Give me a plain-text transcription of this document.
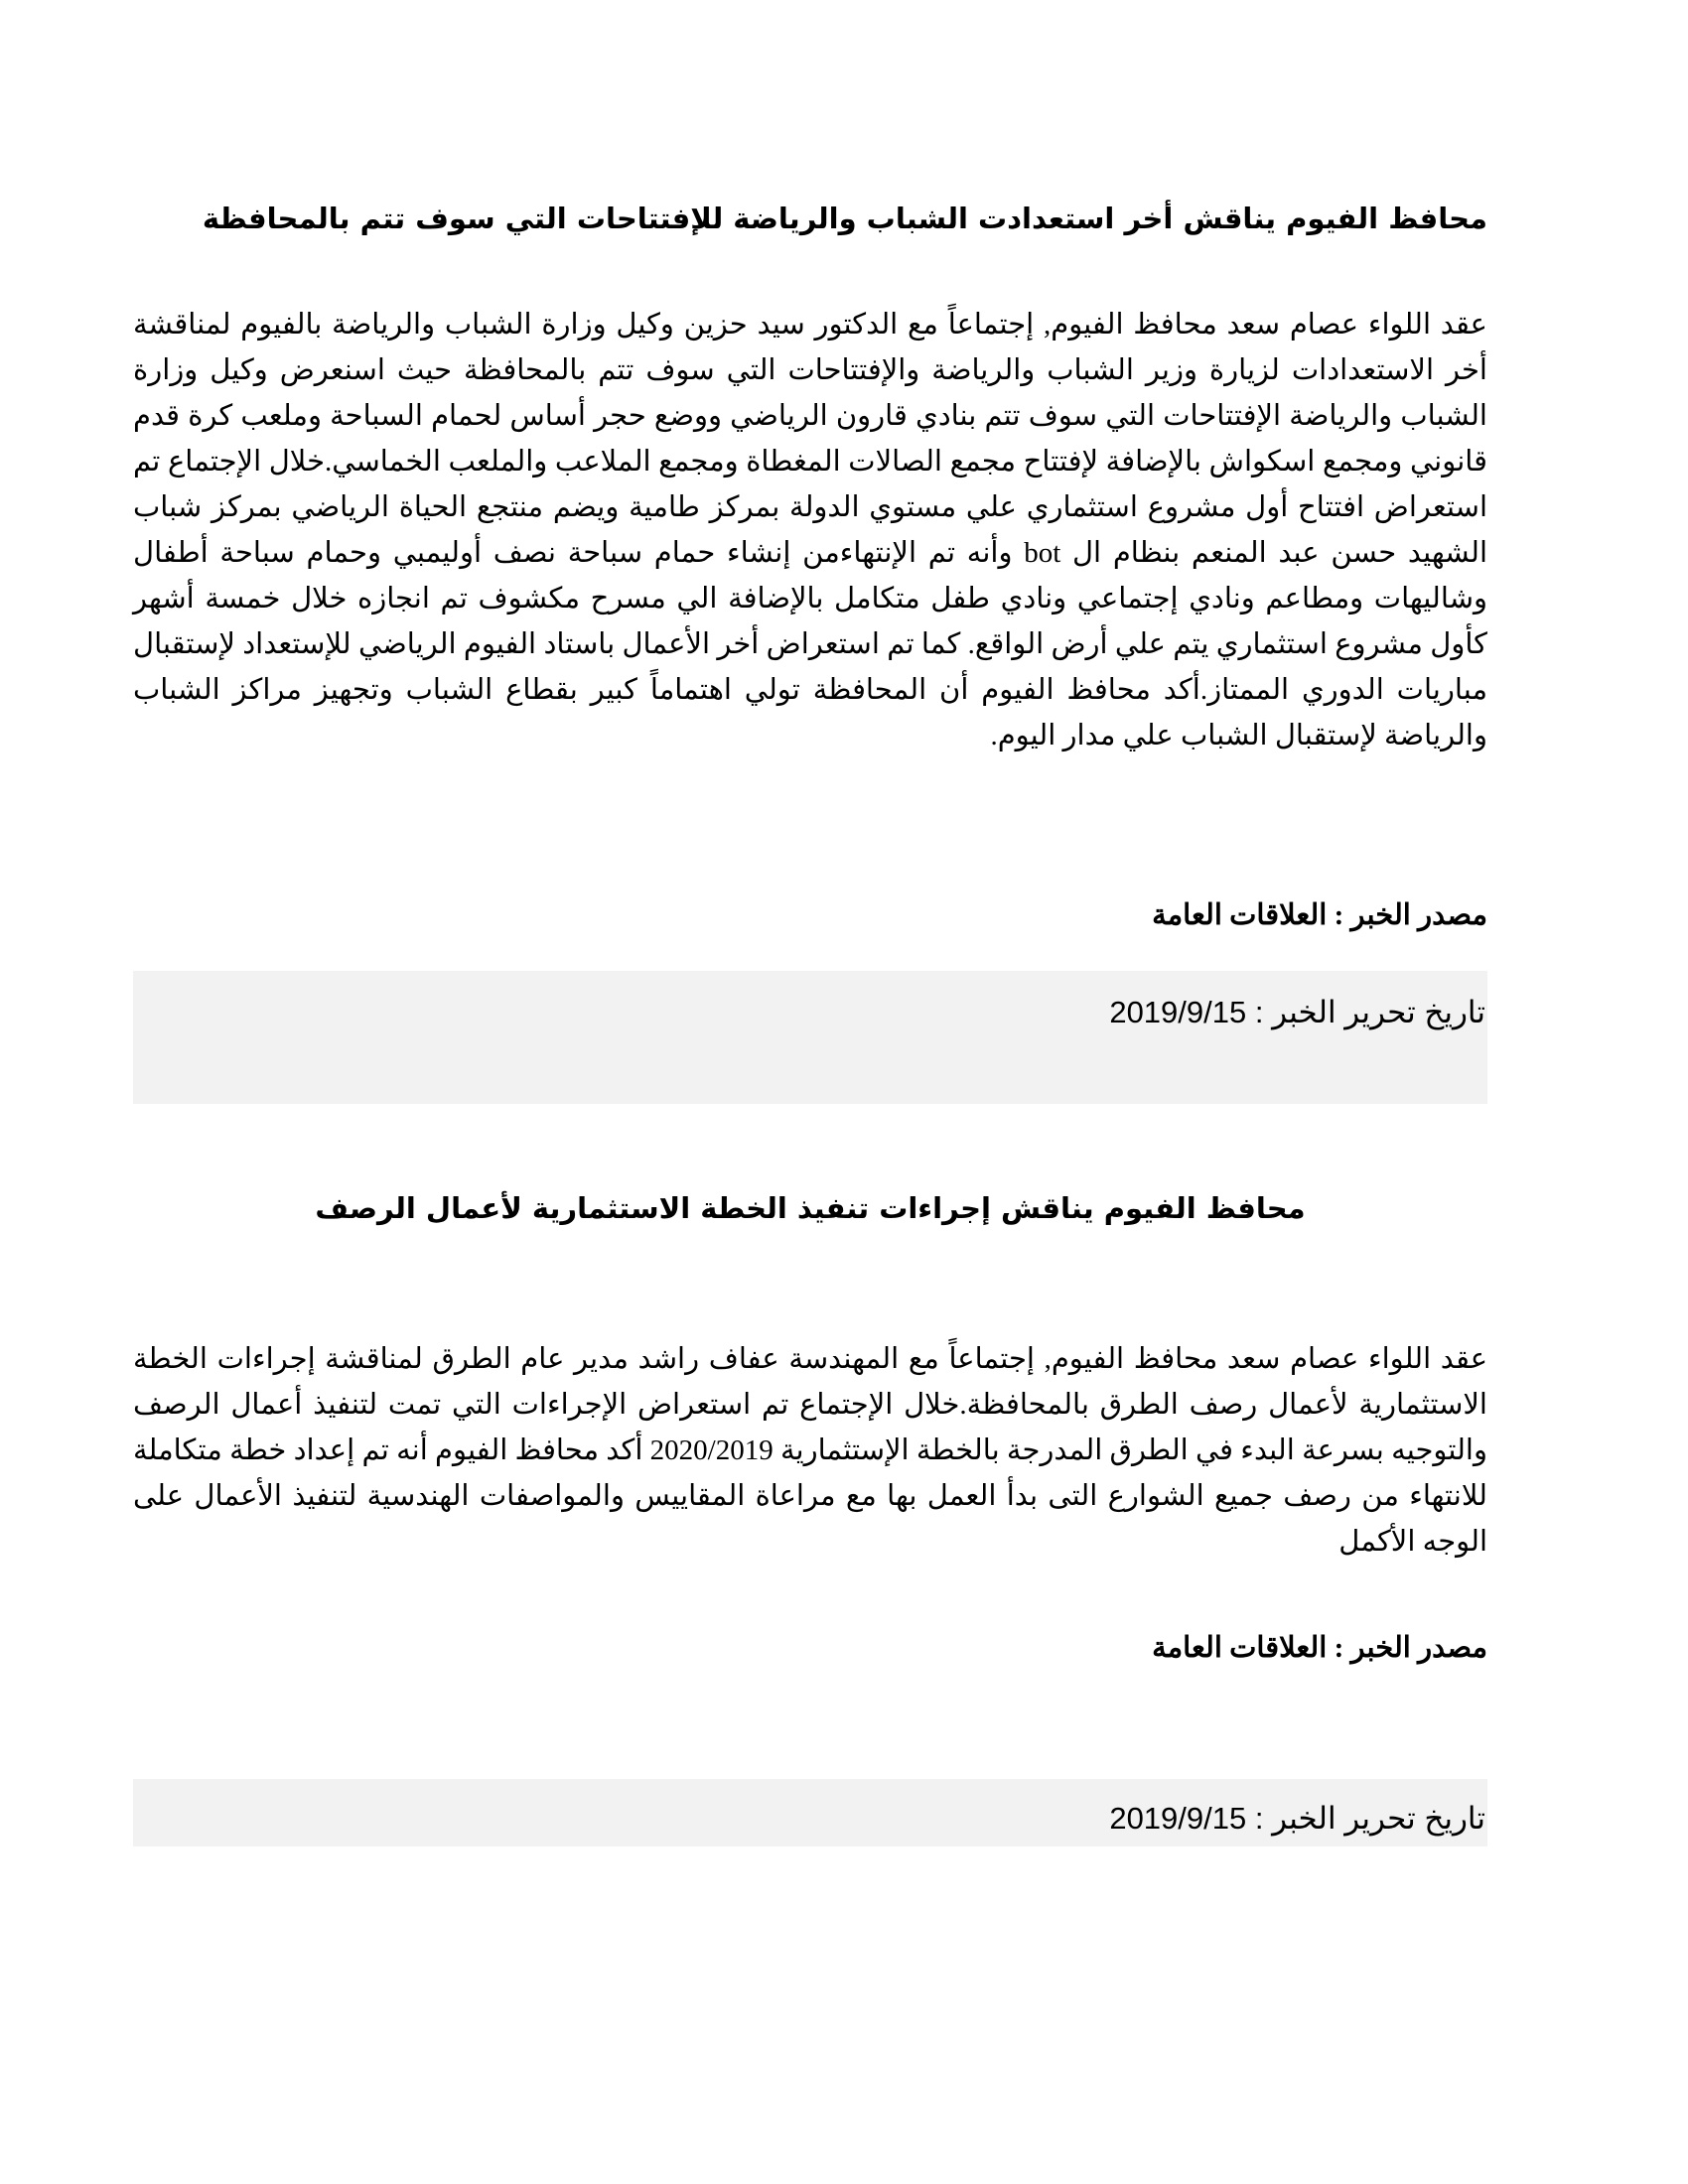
محافظ الفيوم يناقش أخر استعدادت الشباب والرياضة للإفتتاحات التي سوف تتم بالمحافظة
عقد اللواء عصام سعد محافظ الفيوم, إجتماعاً مع الدكتور سيد حزين وكيل وزارة الشباب والرياضة بالفيوم لمناقشة أخر الاستعدادات لزيارة وزير الشباب والرياضة والإفتتاحات التي سوف تتم بالمحافظة حيث اسنعرض وكيل وزارة الشباب والرياضة الإفتتاحات التي سوف تتم بنادي قارون الرياضي ووضع حجر أساس لحمام السباحة وملعب كرة قدم قانوني ومجمع اسكواش بالإضافة لإفتتاح مجمع الصالات المغطاة ومجمع الملاعب والملعب الخماسي.خلال الإجتماع تم استعراض افتتاح أول مشروع استثماري علي مستوي الدولة بمركز طامية ويضم منتجع الحياة الرياضي بمركز شباب الشهيد حسن عبد المنعم بنظام ال bot وأنه تم الإنتهاءمن إنشاء حمام سباحة نصف أوليمبي وحمام سباحة أطفال وشاليهات ومطاعم ونادي إجتماعي ونادي طفل متكامل بالإضافة الي مسرح مكشوف تم انجازه خلال خمسة أشهر كأول مشروع استثماري يتم علي أرض الواقع. كما تم استعراض أخر الأعمال باستاد الفيوم الرياضي للإستعداد لإستقبال مباريات الدوري الممتاز.أكد محافظ الفيوم أن المحافظة تولي اهتماماً كبير بقطاع الشباب وتجهيز مراكز الشباب والرياضة لإستقبال الشباب علي مدار اليوم.
مصدر الخبر : العلاقات العامة
تاريخ تحرير الخبر : 2019/9/15
محافظ الفيوم يناقش إجراءات تنفيذ الخطة الاستثمارية لأعمال الرصف
عقد اللواء عصام سعد محافظ الفيوم, إجتماعاً مع المهندسة عفاف راشد مدير عام الطرق لمناقشة إجراءات الخطة الاستثمارية لأعمال رصف الطرق بالمحافظة.خلال الإجتماع تم استعراض الإجراءات التي تمت لتنفيذ أعمال الرصف والتوجيه بسرعة البدء في الطرق المدرجة بالخطة الإستثمارية 2020/2019 أكد محافظ الفيوم أنه تم إعداد خطة متكاملة للانتهاء من رصف جميع الشوارع التى بدأ العمل بها مع مراعاة المقاييس والمواصفات الهندسية لتنفيذ الأعمال على الوجه الأكمل
مصدر الخبر : العلاقات العامة
تاريخ تحرير الخبر : 2019/9/15
